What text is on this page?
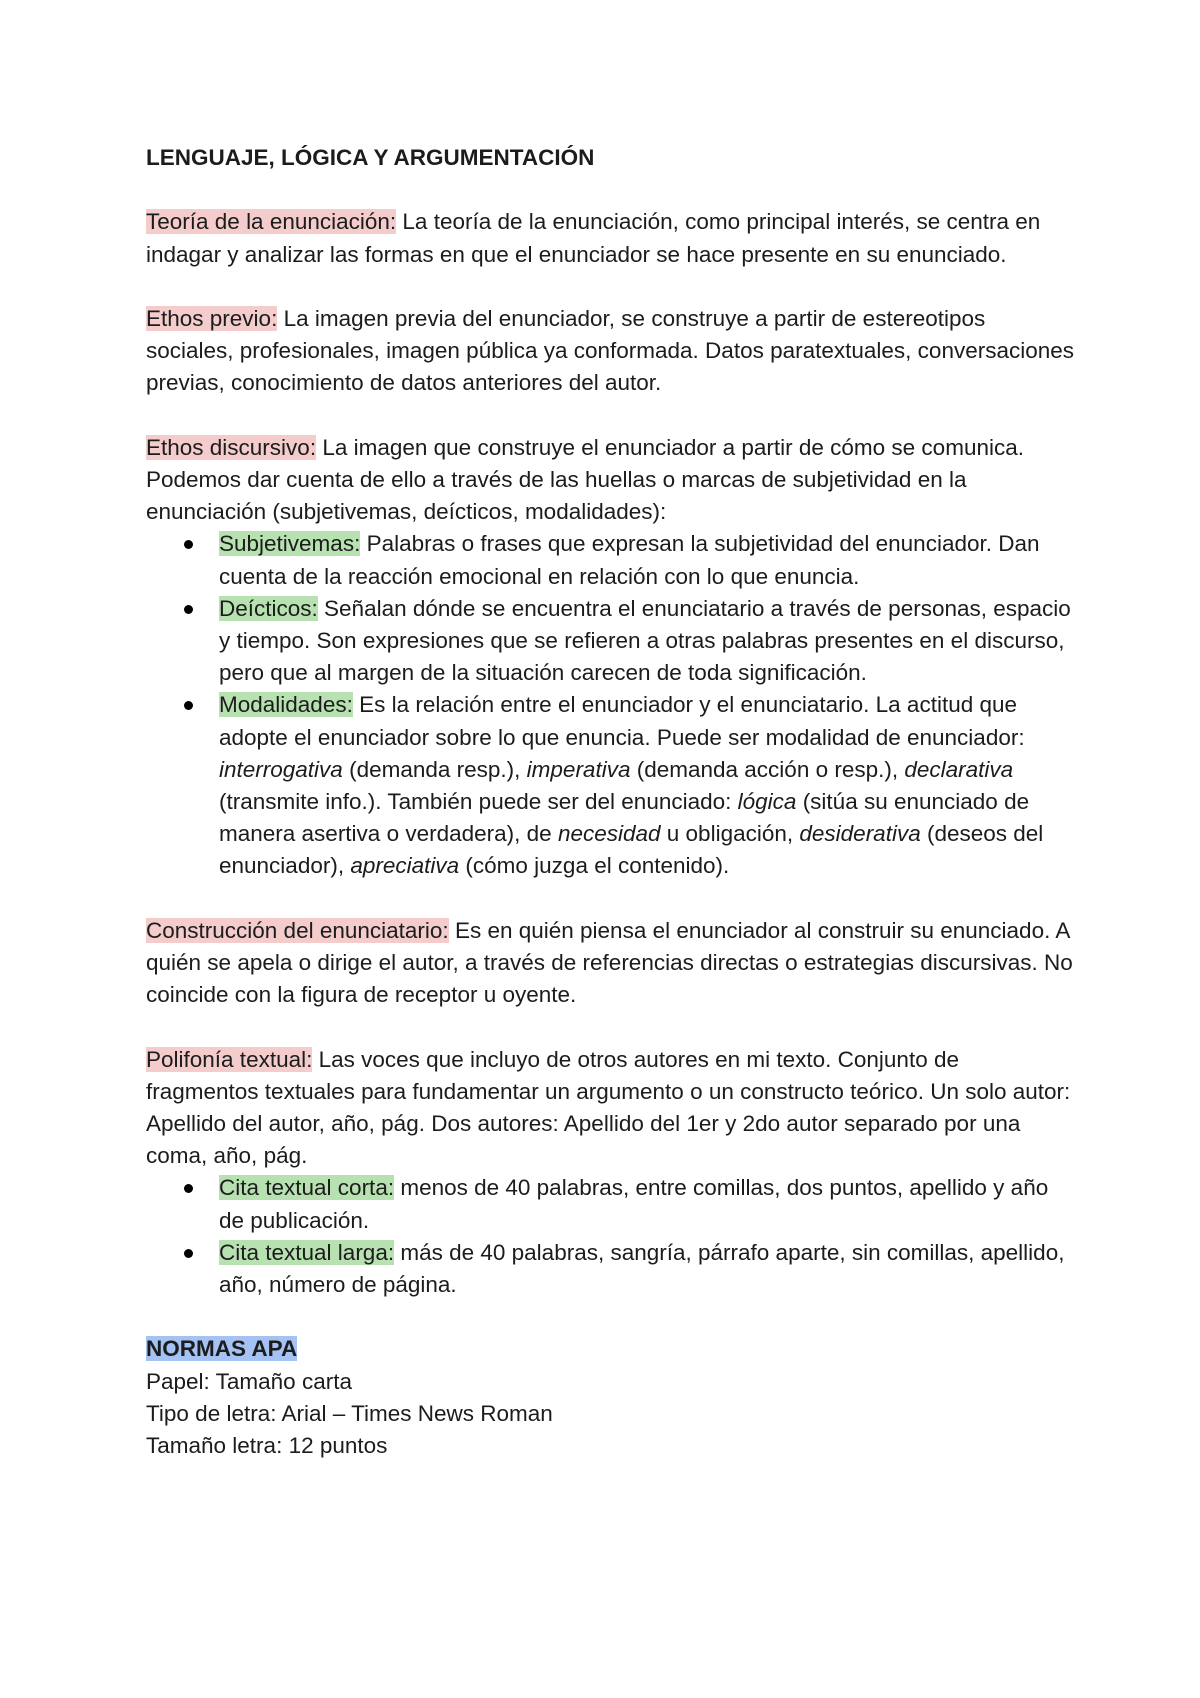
LENGUAJE, LÓGICA Y ARGUMENTACIÓN

Teoría de la enunciación: La teoría de la enunciación, como principal interés, se centra en indagar y analizar las formas en que el enunciador se hace presente en su enunciado.

Ethos previo: La imagen previa del enunciador, se construye a partir de estereotipos sociales, profesionales, imagen pública ya conformada. Datos paratextuales, conversaciones previas, conocimiento de datos anteriores del autor.

Ethos discursivo: La imagen que construye el enunciador a partir de cómo se comunica. Podemos dar cuenta de ello a través de las huellas o marcas de subjetividad en la enunciación (subjetivemas, deícticos, modalidades):

Subjetivemas: Palabras o frases que expresan la subjetividad del enunciador. Dan cuenta de la reacción emocional en relación con lo que enuncia.
Deícticos: Señalan dónde se encuentra el enunciatario a través de personas, espacio y tiempo. Son expresiones que se refieren a otras palabras presentes en el discurso, pero que al margen de la situación carecen de toda significación.
Modalidades: Es la relación entre el enunciador y el enunciatario. La actitud que adopte el enunciador sobre lo que enuncia. Puede ser modalidad de enunciador: interrogativa (demanda resp.), imperativa (demanda acción o resp.), declarativa (transmite info.). También puede ser del enunciado: lógica (sitúa su enunciado de manera asertiva o verdadera), de necesidad u obligación, desiderativa (deseos del enunciador), apreciativa (cómo juzga el contenido).

Construcción del enunciatario: Es en quién piensa el enunciador al construir su enunciado. A quién se apela o dirige el autor, a través de referencias directas o estrategias discursivas. No coincide con la figura de receptor u oyente.

Polifonía textual: Las voces que incluyo de otros autores en mi texto. Conjunto de fragmentos textuales para fundamentar un argumento o un constructo teórico. Un solo autor: Apellido del autor, año, pág. Dos autores: Apellido del 1er y 2do autor separado por una coma, año, pág.

Cita textual corta: menos de 40 palabras, entre comillas, dos puntos, apellido y año de publicación.
Cita textual larga: más de 40 palabras, sangría, párrafo aparte, sin comillas, apellido, año, número de página.
NORMAS APA
Papel: Tamaño carta
Tipo de letra: Arial – Times News Roman
Tamaño letra: 12 puntos
